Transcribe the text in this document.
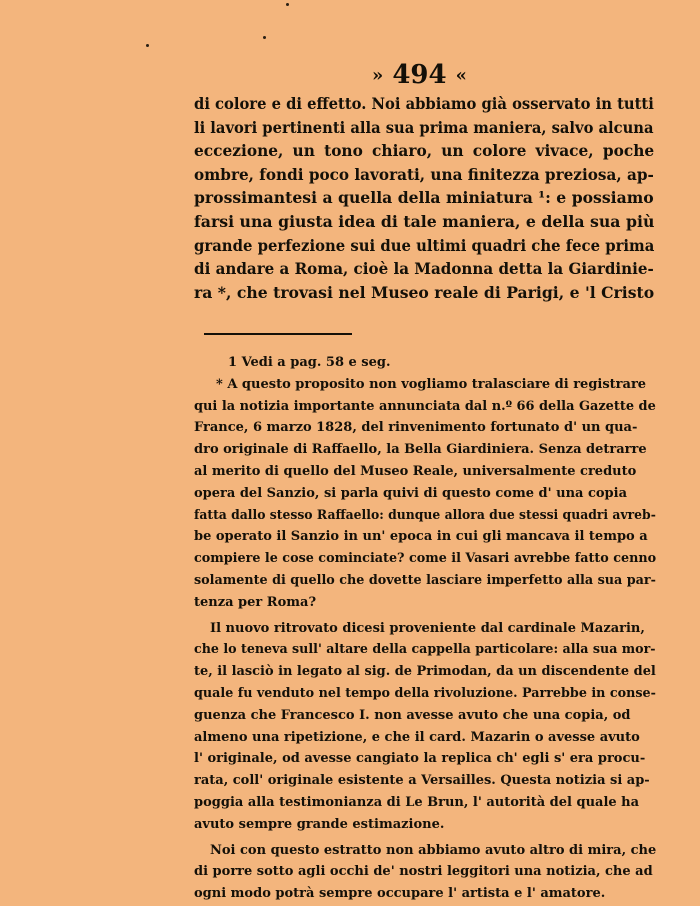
» 494 «
di colore e di effetto. Noi abbiamo già osservato in tutti
li lavori pertinenti alla sua prima maniera, salvo alcuna
eccezione, un tono chiaro, un colore vivace, poche
ombre, fondi poco lavorati, una finitezza preziosa, ap-
prossimantesi a quella della miniatura ¹: e possiamo
farsi una giusta idea di tale maniera, e della sua più
grande perfezione sui due ultimi quadri che fece prima
di andare a Roma, cioè la Madonna detta la Giardinie-
ra *, che trovasi nel Museo reale di Parigi, e 'l Cristo
1 Vedi a pag. 58 e seg.
* A questo proposito non vogliamo tralasciare di registrare
qui la notizia importante annunciata dal n.º 66 della Gazette de
France, 6 marzo 1828, del rinvenimento fortunato d' un qua-
dro originale di Raffaello, la Bella Giardiniera. Senza detrarre
al merito di quello del Museo Reale, universalmente creduto
opera del Sanzio, si parla quivi di questo come d' una copia
fatta dallo stesso Raffaello: dunque allora due stessi quadri avreb-
be operato il Sanzio in un' epoca in cui gli mancava il tempo a
compiere le cose cominciate? come il Vasari avrebbe fatto cenno
solamente di quello che dovette lasciare imperfetto alla sua par-
tenza per Roma?
Il nuovo ritrovato dicesi proveniente dal cardinale Mazarin,
che lo teneva sull' altare della cappella particolare: alla sua mor-
te, il lasciò in legato al sig. de Primodan, da un discendente del
quale fu venduto nel tempo della rivoluzione. Parrebbe in conse-
guenza che Francesco I. non avesse avuto che una copia, od
almeno una ripetizione, e che il card. Mazarin o avesse avuto
l' originale, od avesse cangiato la replica ch' egli s' era procu-
rata, coll' originale esistente a Versailles. Questa notizia si ap-
poggia alla testimonianza di Le Brun, l' autorità del quale ha
avuto sempre grande estimazione.
Noi con questo estratto non abbiamo avuto altro di mira, che
di porre sotto agli occhi de' nostri leggitori una notizia, che ad
ogni modo potrà sempre occupare l' artista e l' amatore.
